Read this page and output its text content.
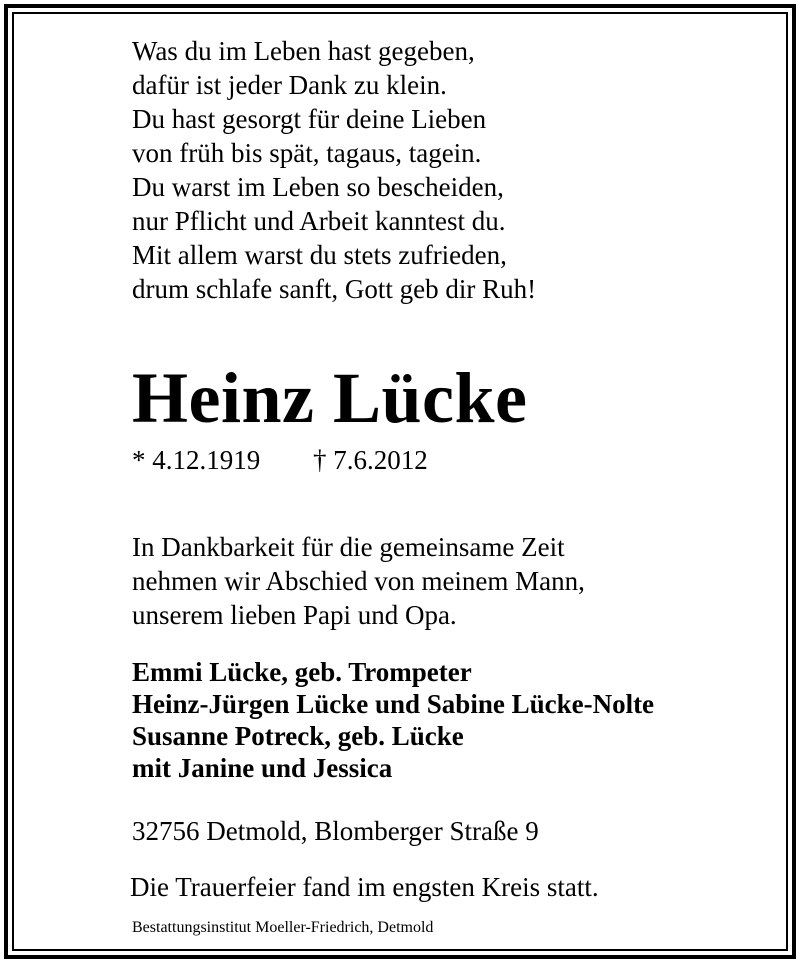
Was du im Leben hast gegeben,
dafür ist jeder Dank zu klein.
Du hast gesorgt für deine Lieben
von früh bis spät, tagaus, tagein.
Du warst im Leben so bescheiden,
nur Pflicht und Arbeit kanntest du.
Mit allem warst du stets zufrieden,
drum schlafe sanft, Gott geb dir Ruh!
Heinz Lücke
* 4.12.1919 † 7.6.2012
In Dankbarkeit für die gemeinsame Zeit
nehmen wir Abschied von meinem Mann,
unserem lieben Papi und Opa.
Emmi Lücke, geb. Trompeter
Heinz-Jürgen Lücke und Sabine Lücke-Nolte
Susanne Potreck, geb. Lücke
mit Janine und Jessica
32756 Detmold, Blomberger Straße 9
Die Trauerfeier fand im engsten Kreis statt.
Bestattungsinstitut Moeller-Friedrich, Detmold
